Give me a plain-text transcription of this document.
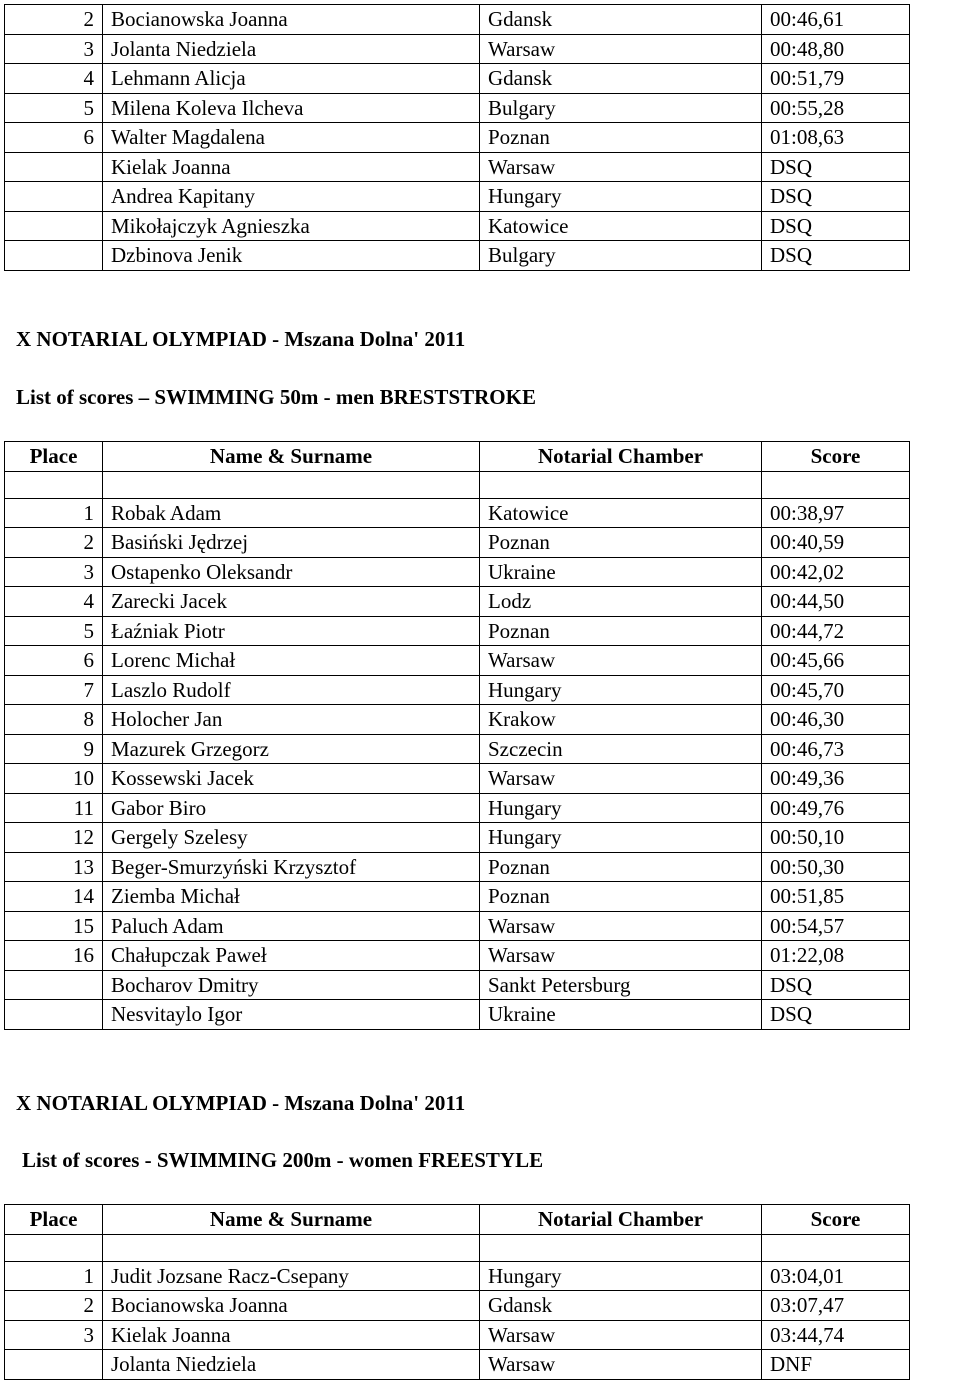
2	Bocianowska Joanna	Gdansk	00:46,61
3	Jolanta Niedziela	Warsaw	00:48,80
4	Lehmann Alicja	Gdansk	00:51,79
5	Milena Koleva Ilcheva	Bulgary	00:55,28
6	Walter Magdalena	Poznan	01:08,63
	Kielak Joanna	Warsaw	DSQ
	Andrea Kapitany	Hungary	DSQ
	Mikołajczyk Agnieszka	Katowice	DSQ
	Dzbinova Jenik	Bulgary	DSQ
X NOTARIAL OLYMPIAD - Mszana Dolna' 2011
List of scores – SWIMMING 50m - men BRESTSTROKE
Place	Name & Surname	Notarial Chamber	Score

1	Robak Adam	Katowice	00:38,97
2	Basiński Jędrzej	Poznan	00:40,59
3	Ostapenko Oleksandr	Ukraine	00:42,02
4	Zarecki Jacek	Lodz	00:44,50
5	Łaźniak Piotr	Poznan	00:44,72
6	Lorenc Michał	Warsaw	00:45,66
7	Laszlo Rudolf	Hungary	00:45,70
8	Holocher Jan	Krakow	00:46,30
9	Mazurek Grzegorz	Szczecin	00:46,73
10	Kossewski Jacek	Warsaw	00:49,36
11	Gabor Biro	Hungary	00:49,76
12	Gergely Szelesy	Hungary	00:50,10
13	Beger-Smurzyński Krzysztof	Poznan	00:50,30
14	Ziemba Michał	Poznan	00:51,85
15	Paluch Adam	Warsaw	00:54,57
16	Chałupczak Paweł	Warsaw	01:22,08
	Bocharov Dmitry	Sankt Petersburg	DSQ
	Nesvitaylo Igor	Ukraine	DSQ
X NOTARIAL OLYMPIAD - Mszana Dolna' 2011
List of scores - SWIMMING 200m - women FREESTYLE
Place	Name & Surname	Notarial Chamber	Score

1	Judit Jozsane Racz-Csepany	Hungary	03:04,01
2	Bocianowska Joanna	Gdansk	03:07,47
3	Kielak Joanna	Warsaw	03:44,74
	Jolanta Niedziela	Warsaw	DNF
